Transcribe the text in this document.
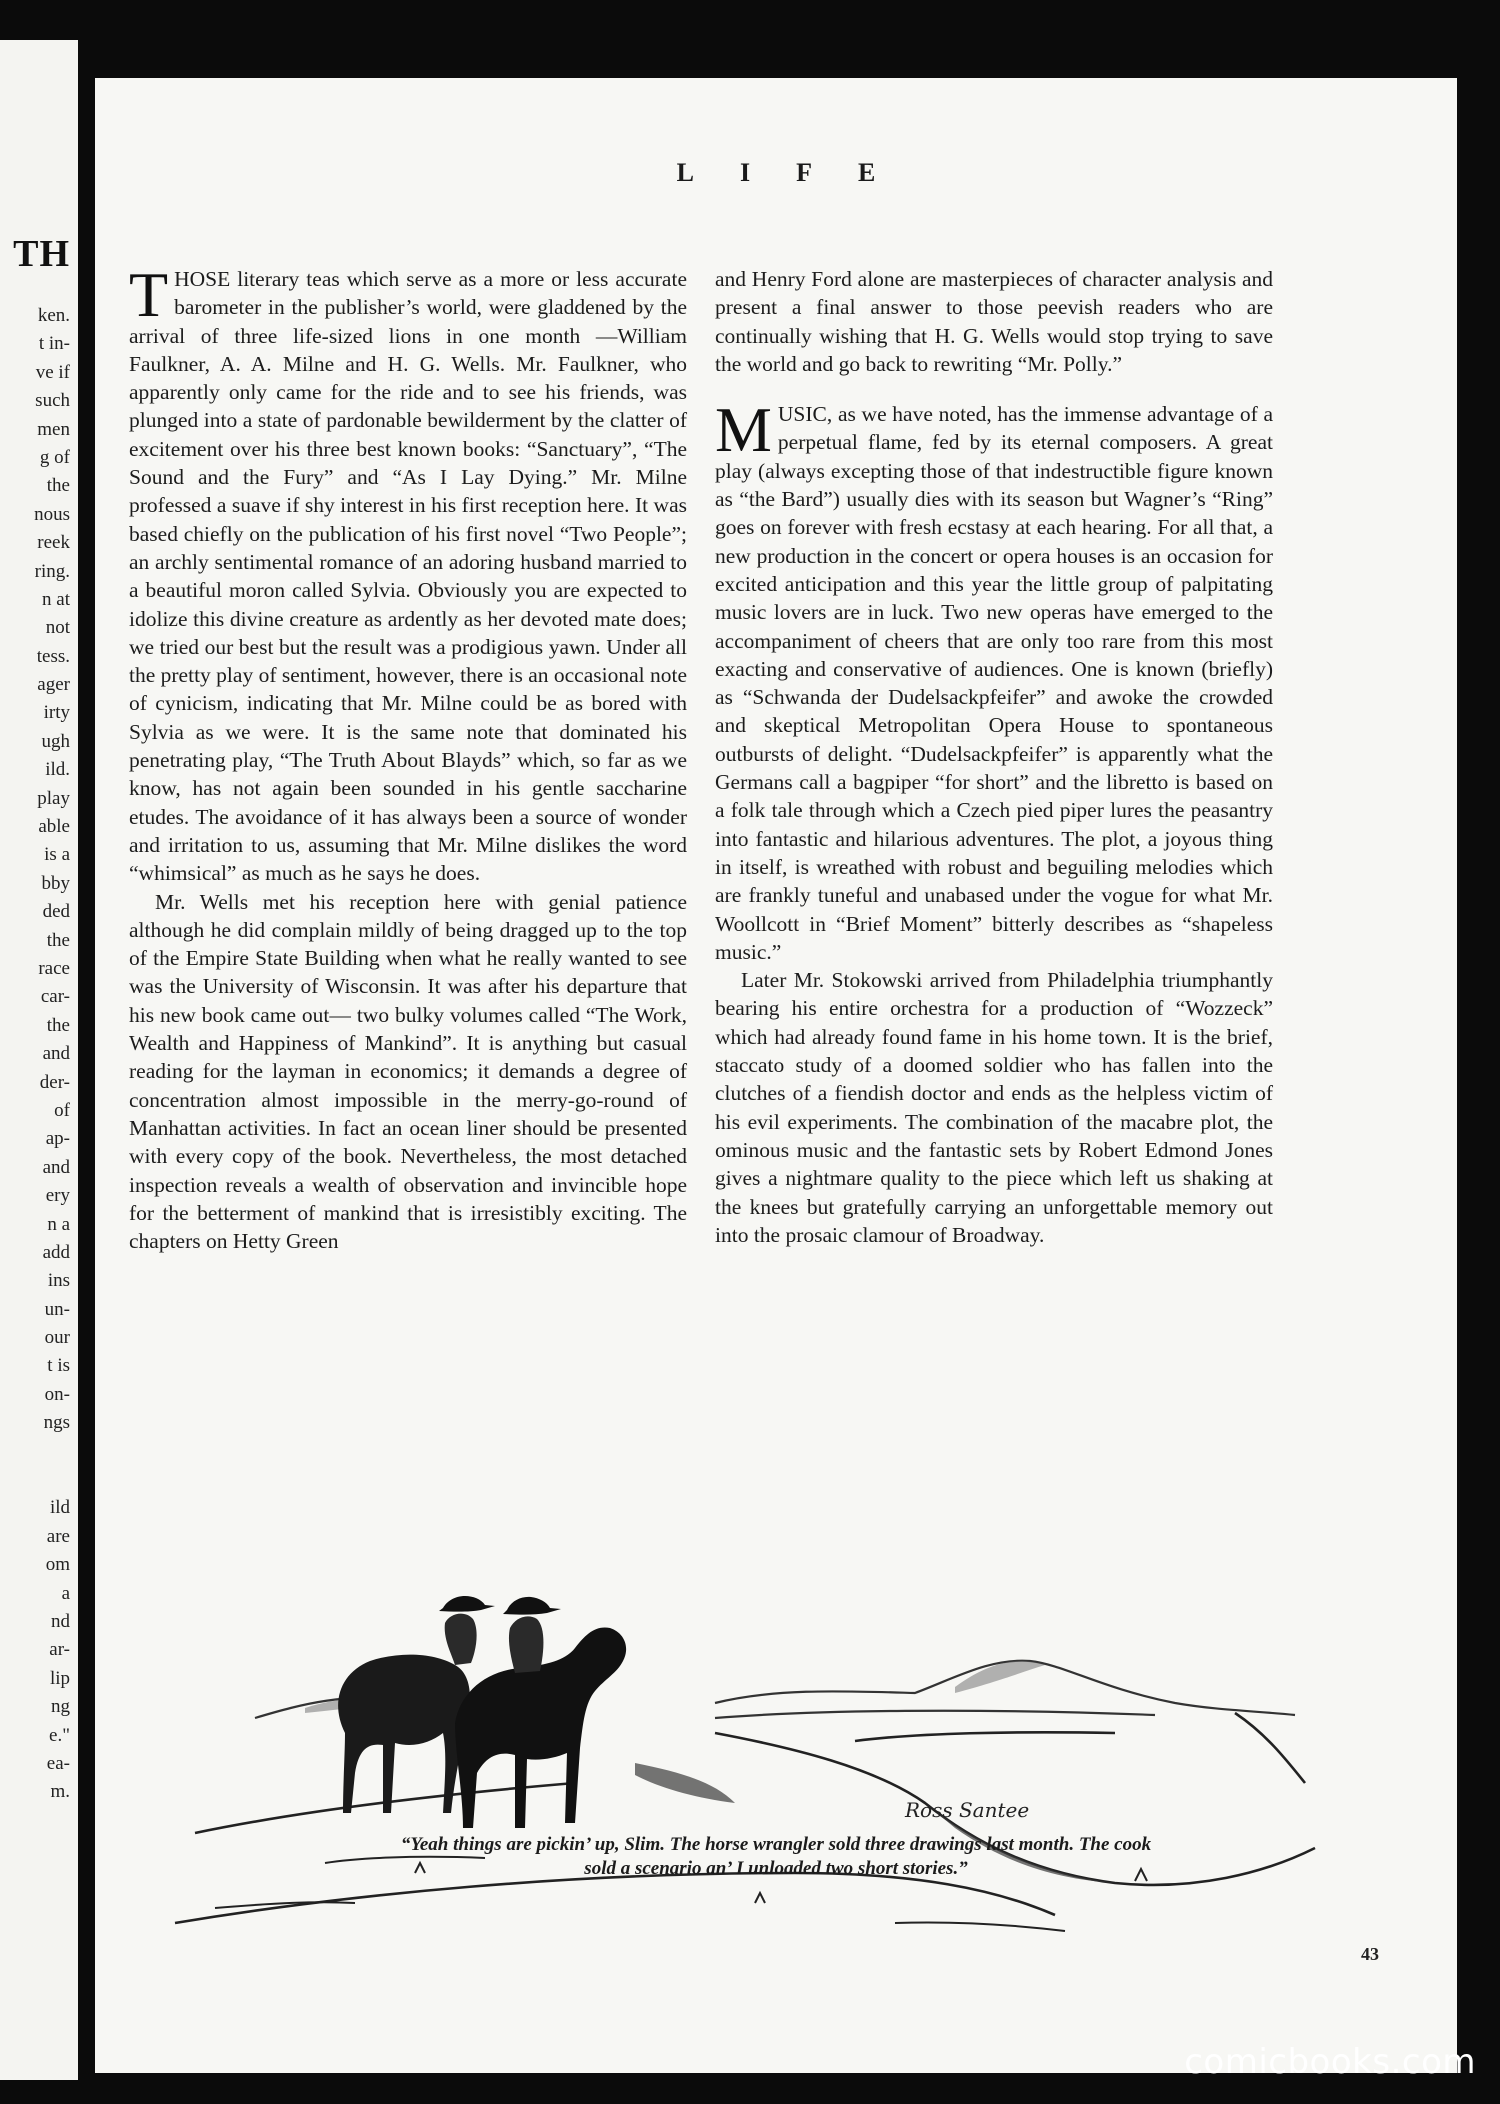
TH
ken.
t in-
ve if
such
men
g of
the
nous
reek
ring.
n at
not
tess.
ager
irty
ugh
ild.
play
able
is a
bby
ded
the
race
car-
the
and
der-
of
ap-
and
ery
n a
add
ins
un-
our
t is
on-
ngs
ild
are
om
a
nd
ar-
lip
ng
e."
ea-
m.
LIFE

THOSE literary teas which serve as a more or less accurate barometer in the publisher’s world, were gladdened by the arrival of three life-sized lions in one month —William Faulkner, A. A. Milne and H. G. Wells. Mr. Faulkner, who apparently only came for the ride and to see his friends, was plunged into a state of pardonable bewilderment by the clatter of excitement over his three best known books: “Sanctuary”, “The Sound and the Fury” and “As I Lay Dying.” Mr. Milne professed a suave if shy interest in his first reception here. It was based chiefly on the publication of his first novel “Two People”; an archly sentimental romance of an adoring husband married to a beautiful moron called Sylvia. Obviously you are expected to idolize this divine creature as ardently as her devoted mate does; we tried our best but the result was a prodigious yawn. Under all the pretty play of sentiment, however, there is an occasional note of cynicism, indicating that Mr. Milne could be as bored with Sylvia as we were. It is the same note that dominated his penetrating play, “The Truth About Blayds” which, so far as we know, has not again been sounded in his gentle saccharine etudes. The avoidance of it has always been a source of wonder and irritation to us, assuming that Mr. Milne dislikes the word “whimsical” as much as he says he does.

Mr. Wells met his reception here with genial patience although he did complain mildly of being dragged up to the top of the Empire State Building when what he really wanted to see was the University of Wisconsin. It was after his departure that his new book came out— two bulky volumes called “The Work, Wealth and Happiness of Mankind”. It is anything but casual reading for the layman in economics; it demands a degree of concentration almost impossible in the merry-go-round of Manhattan activities. In fact an ocean liner should be presented with every copy of the book. Nevertheless, the most detached inspection reveals a wealth of observation and invincible hope for the betterment of mankind that is irresistibly exciting. The chapters on Hetty Green

and Henry Ford alone are masterpieces of character analysis and present a final answer to those peevish readers who are continually wishing that H. G. Wells would stop trying to save the world and go back to rewriting “Mr. Polly.”

MUSIC, as we have noted, has the immense advantage of a perpetual flame, fed by its eternal composers. A great play (always excepting those of that indestructible figure known as “the Bard”) usually dies with its season but Wagner’s “Ring” goes on forever with fresh ecstasy at each hearing. For all that, a new production in the concert or opera houses is an occasion for excited anticipation and this year the little group of palpitating music lovers are in luck. Two new operas have emerged to the accompaniment of cheers that are only too rare from this most exacting and conservative of audiences. One is known (briefly) as “Schwanda der Dudelsackpfeifer” and awoke the crowded and skeptical Metropolitan Opera House to spontaneous outbursts of delight. “Dudelsackpfeifer” is apparently what the Germans call a bagpiper “for short” and the libretto is based on a folk tale through which a Czech pied piper lures the peasantry into fantastic and hilarious adventures. The plot, a joyous thing in itself, is wreathed with robust and beguiling melodies which are frankly tuneful and unabased under the vogue for what Mr. Woollcott in “Brief Moment” bitterly describes as “shapeless music.”

Later Mr. Stokowski arrived from Philadelphia triumphantly bearing his entire orchestra for a production of “Wozzeck” which had already found fame in his home town. It is the brief, staccato study of a doomed soldier who has fallen into the clutches of a fiendish doctor and ends as the helpless victim of his evil experiments. The combination of the macabre plot, the ominous music and the fantastic sets by Robert Edmond Jones gives a nightmare quality to the piece which left us shaking at the knees but gratefully carrying an unforgettable memory out into the prosaic clamour of Broadway.

Ross Santee
“Yeah things are pickin’ up, Slim. The horse wrangler sold three drawings last month. The cook
sold a scenario an’ I unloaded two short stories.”
43
comicbooks.com
